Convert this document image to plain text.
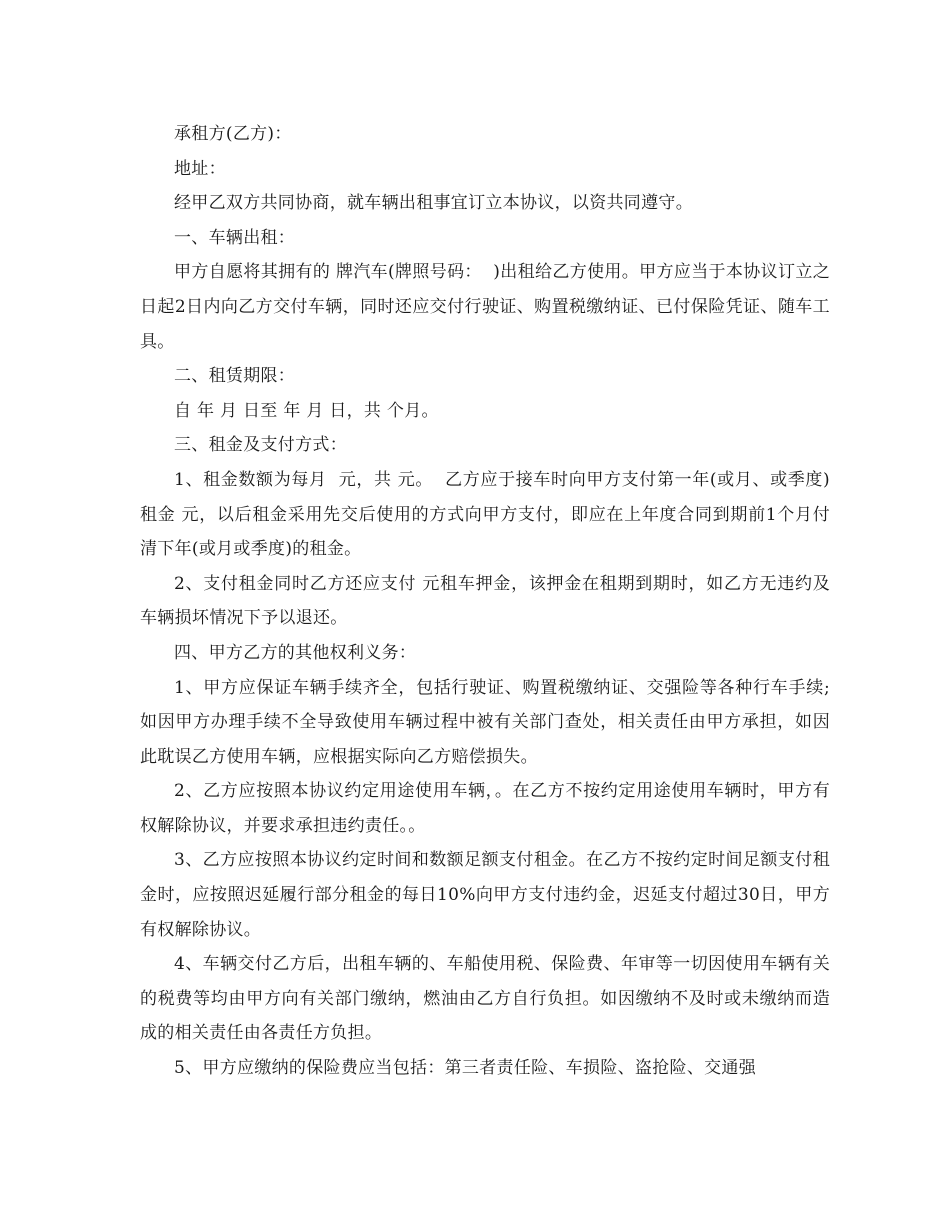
承租方(乙方)：

地址：

经甲乙双方共同协商，就车辆出租事宜订立本协议，以资共同遵守。

一、车辆出租：

甲方自愿将其拥有的 牌汽车(牌照号码：  )出租给乙方使用。甲方应当于本协议订立之日起2日内向乙方交付车辆，同时还应交付行驶证、购置税缴纳证、已付保险凭证、随车工具。

二、租赁期限：

自 年 月 日至 年 月 日，共 个月。

三、租金及支付方式：

1、租金数额为每月  元，共 元。  乙方应于接车时向甲方支付第一年(或月、或季度)租金 元，以后租金采用先交后使用的方式向甲方支付，即应在上年度合同到期前1个月付清下年(或月或季度)的租金。

2、支付租金同时乙方还应支付 元租车押金，该押金在租期到期时，如乙方无违约及车辆损坏情况下予以退还。

四、甲方乙方的其他权利义务：

1、甲方应保证车辆手续齐全，包括行驶证、购置税缴纳证、交强险等各种行车手续;如因甲方办理手续不全导致使用车辆过程中被有关部门查处，相关责任由甲方承担，如因此耽误乙方使用车辆，应根据实际向乙方赔偿损失。

2、乙方应按照本协议约定用途使用车辆，。在乙方不按约定用途使用车辆时，甲方有权解除协议，并要求承担违约责任。。

3、乙方应按照本协议约定时间和数额足额支付租金。在乙方不按约定时间足额支付租金时，应按照迟延履行部分租金的每日10%向甲方支付违约金，迟延支付超过30日，甲方有权解除协议。

4、车辆交付乙方后，出租车辆的、车船使用税、保险费、年审等一切因使用车辆有关的税费等均由甲方向有关部门缴纳，燃油由乙方自行负担。如因缴纳不及时或未缴纳而造成的相关责任由各责任方负担。

5、甲方应缴纳的保险费应当包括：第三者责任险、车损险、盗抢险、交通强
